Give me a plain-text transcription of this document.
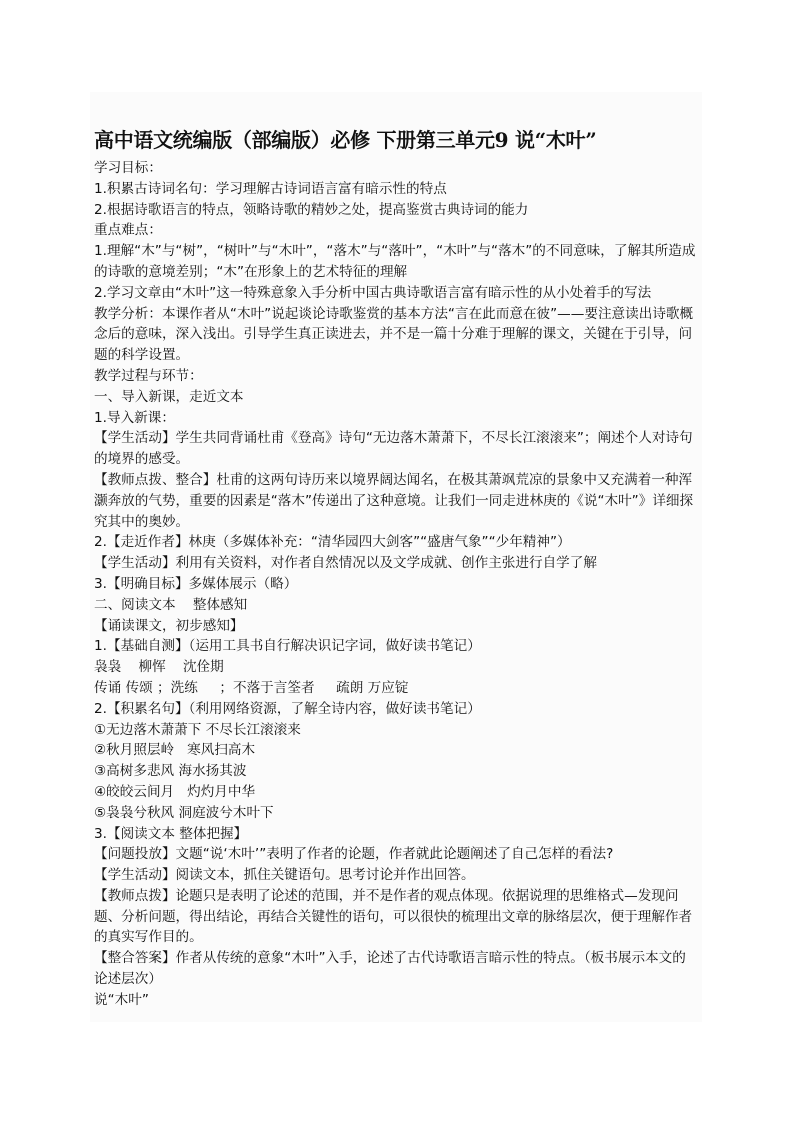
高中语文统编版（部编版）必修 下册第三单元9 说“木叶”

学习目标：

1.积累古诗词名句：学习理解古诗词语言富有暗示性的特点

2.根据诗歌语言的特点，领略诗歌的精妙之处，提高鉴赏古典诗词的能力

重点难点：

1.理解“木”与“树”，“树叶”与“木叶”，“落木”与“落叶”，“木叶”与“落木”的不同意味，了解其所造成的诗歌的意境差别；“木”在形象上的艺术特征的理解

2.学习文章由“木叶”这一特殊意象入手分析中国古典诗歌语言富有暗示性的从小处着手的写法

教学分析：本课作者从“木叶”说起谈论诗歌鉴赏的基本方法“言在此而意在彼”——要注意读出诗歌概念后的意味，深入浅出。引导学生真正读进去，并不是一篇十分难于理解的课文，关键在于引导，问题的科学设置。

教学过程与环节：

一、导入新课，走近文本

1.导入新课：

【学生活动】学生共同背诵杜甫《登高》诗句“无边落木萧萧下，不尽长江滚滚来”；阐述个人对诗句的境界的感受。

【教师点拨、整合】杜甫的这两句诗历来以境界阔达闻名，在极其萧飒荒凉的景象中又充满着一种浑灏奔放的气势，重要的因素是“落木”传递出了这种意境。让我们一同走进林庚的《说“木叶”》详细探究其中的奥妙。

2.【走近作者】林庚（多媒体补充：“清华园四大剑客”“盛唐气象”“少年精神”）

【学生活动】利用有关资料，对作者自然情况以及文学成就、创作主张进行自学了解

3.【明确目标】多媒体展示（略）

二、阅读文本    整体感知

【诵读课文，初步感知】

1.【基础自测】（运用工具书自行解决识记字词，做好读书笔记）

袅袅    柳恽    沈佺期

传诵 传颂 ；洗练     ；不落于言筌者     疏朗 万应锭

2.【积累名句】（利用网络资源，了解全诗内容，做好读书笔记）

①无边落木萧萧下 不尽长江滚滚来

②秋月照层岭   寒风扫高木

③高树多悲风 海水扬其波

④皎皎云间月   灼灼月中华

⑤袅袅兮秋风 洞庭波兮木叶下

3.【阅读文本 整体把握】

【问题投放】文题“说‘木叶’”表明了作者的论题，作者就此论题阐述了自己怎样的看法?

【学生活动】阅读文本，抓住关键语句。思考讨论并作出回答。

【教师点拨】论题只是表明了论述的范围，并不是作者的观点体现。依据说理的思维格式—发现问题、分析问题，得出结论，再结合关键性的语句，可以很快的梳理出文章的脉络层次，便于理解作者的真实写作目的。

【整合答案】作者从传统的意象“木叶”入手，论述了古代诗歌语言暗示性的特点。（板书展示本文的论述层次）

说“木叶”
